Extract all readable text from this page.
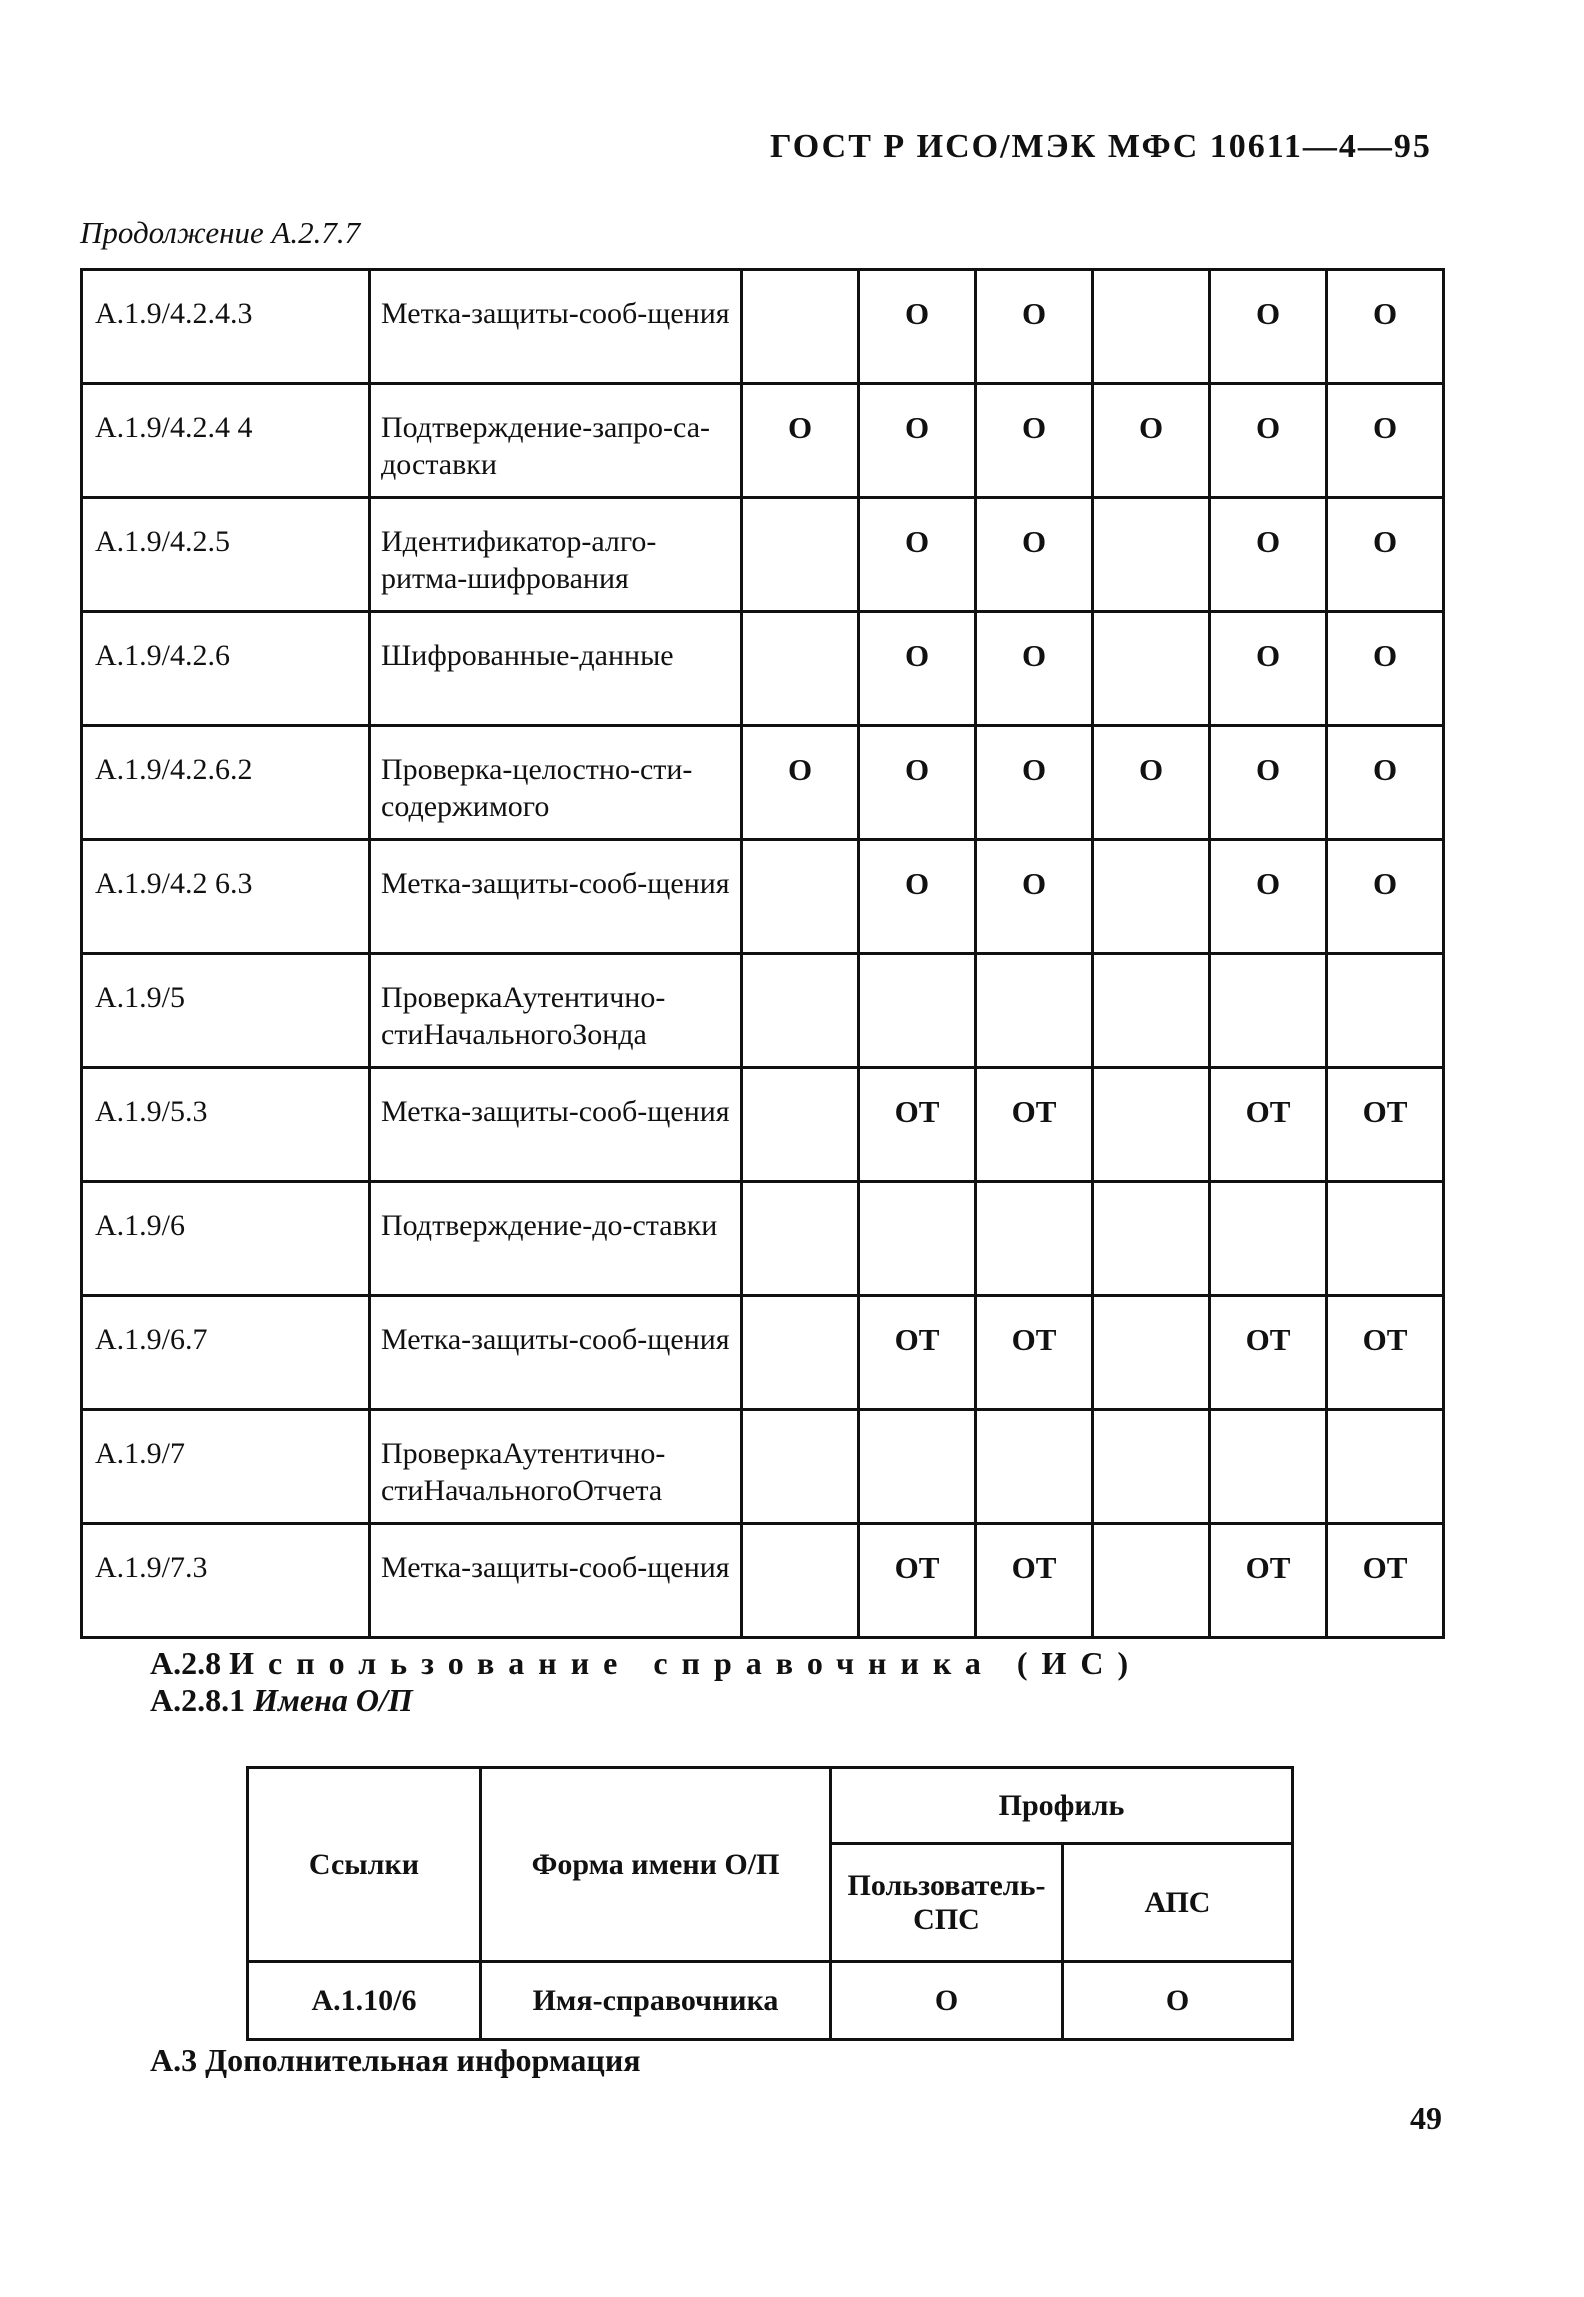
ГОСТ Р ИСО/МЭК МФС 10611—4—95
Продолжение А.2.7.7
А.1.9/4.2.4.3	Метка-защиты-сооб-щения		О	О		О	О
А.1.9/4.2.4 4	Подтверждение-запро-са-доставки	О	О	О	О	О	О
А.1.9/4.2.5	Идентификатор-алго-ритма-шифрования		О	О		О	О
А.1.9/4.2.6	Шифрованные-данные		О	О		О	О
А.1.9/4.2.6.2	Проверка-целостно-сти-содержимого	О	О	О	О	О	О
А.1.9/4.2 6.3	Метка-защиты-сооб-щения		О	О		О	О
А.1.9/5	ПроверкаАутентично-стиНачальногоЗонда						
А.1.9/5.3	Метка-защиты-сооб-щения		ОТ	ОТ		ОТ	ОТ
А.1.9/6	Подтверждение-до-ставки						
А.1.9/6.7	Метка-защиты-сооб-щения		ОТ	ОТ		ОТ	ОТ
А.1.9/7	ПроверкаАутентично-стиНачальногоОтчета						
А.1.9/7.3	Метка-защиты-сооб-щения		ОТ	ОТ		ОТ	ОТ
А.2.8 Использование справочника (ИС)
А.2.8.1 Имена О/П
Ссылки	Форма имени О/П	Профиль	
		Пользователь-СПС	АПС
А.1.10/6	Имя-справочника	О	О
А.3 Дополнительная информация
49
